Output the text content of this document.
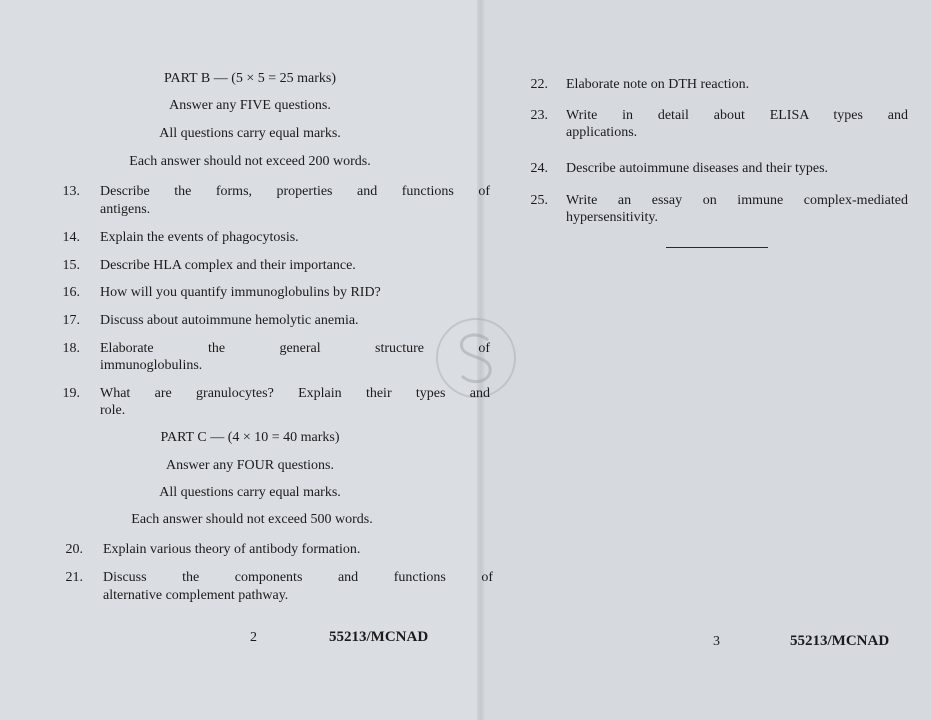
PART B — (5 × 5 = 25 marks)
Answer any FIVE questions.
All questions carry equal marks.
Each answer should not exceed 200 words.
13. Describe the forms, properties and functions of
antigens.
14. Explain the events of phagocytosis.
15. Describe HLA complex and their importance.
16. How will you quantify immunoglobulins by RID?
17. Discuss about autoimmune hemolytic anemia.
18. Elaborate the general structure of
immunoglobulins.
19. What are granulocytes? Explain their types and
role.
PART C — (4 × 10 = 40 marks)
Answer any FOUR questions.
All questions carry equal marks.
Each answer should not exceed 500 words.
20. Explain various theory of antibody formation.
21. Discuss the components and functions of
alternative complement pathway.
2	55213/MCNAD
22. Elaborate note on DTH reaction.
23. Write in detail about ELISA types and
applications.
24. Describe autoimmune diseases and their types.
25. Write an essay on immune complex-mediated
hypersensitivity.
3	55213/MCNAD
